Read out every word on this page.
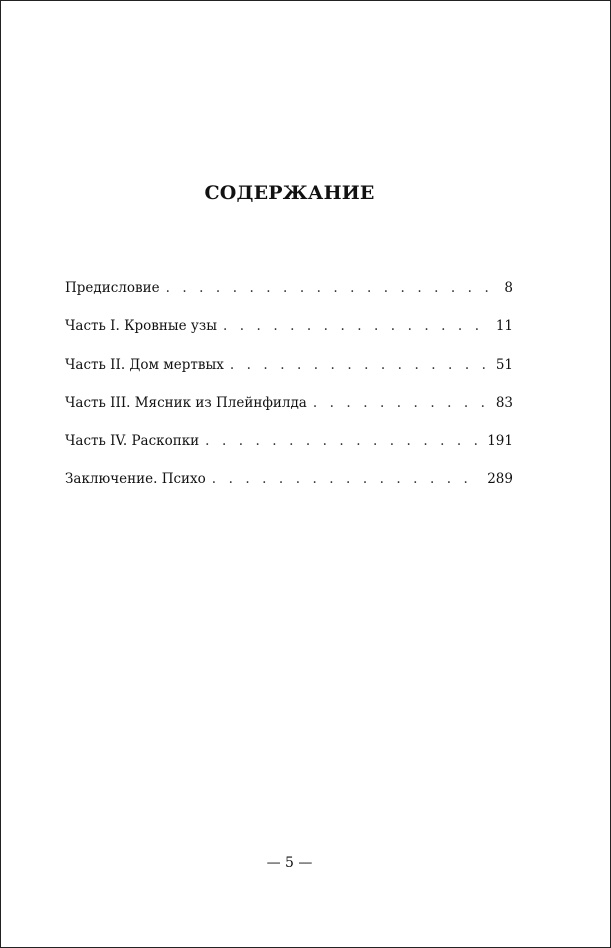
СОДЕРЖАНИЕ
Предисловие . . .	8
Часть I. Кровные узы . . .	11
Часть II. Дом мертвых . . .	51
Часть III. Мясник из Плейнфилда . . .	83
Часть IV. Раскопки . . .	191
Заключение. Психо . . .	289
— 5 —
